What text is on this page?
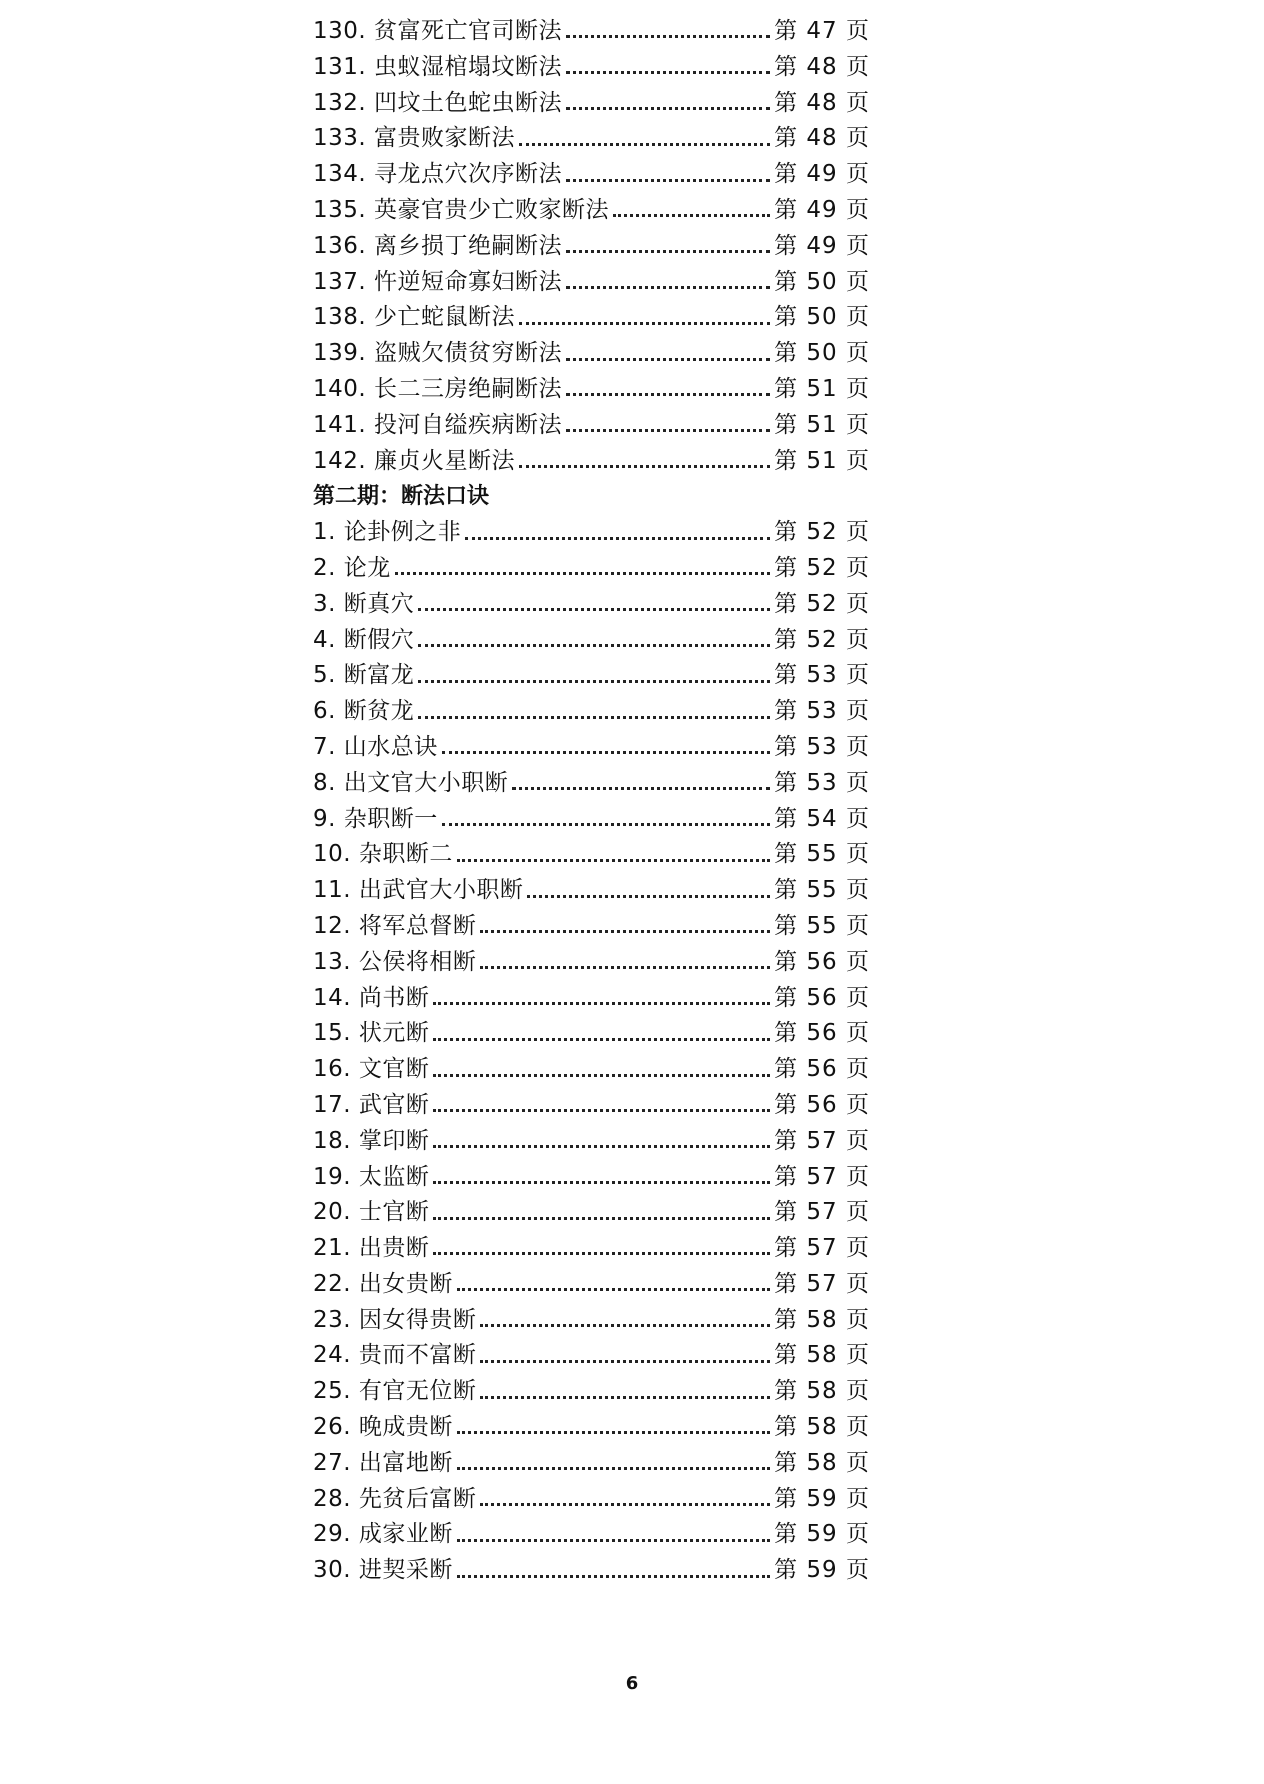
130. 贫富死亡官司断法	第 47 页
131. 虫蚁湿棺塌坟断法	第 48 页
132. 凹坟土色蛇虫断法	第 48 页
133. 富贵败家断法	第 48 页
134. 寻龙点穴次序断法	第 49 页
135. 英豪官贵少亡败家断法	第 49 页
136. 离乡损丁绝嗣断法	第 49 页
137. 忤逆短命寡妇断法	第 50 页
138. 少亡蛇鼠断法	第 50 页
139. 盗贼欠债贫穷断法	第 50 页
140. 长二三房绝嗣断法	第 51 页
141. 投河自缢疾病断法	第 51 页
142. 廉贞火星断法	第 51 页
第二期：断法口诀
1. 论卦例之非	第 52 页
2. 论龙	第 52 页
3. 断真穴	第 52 页
4. 断假穴	第 52 页
5. 断富龙	第 53 页
6. 断贫龙	第 53 页
7. 山水总诀	第 53 页
8. 出文官大小职断	第 53 页
9. 杂职断一	第 54 页
10. 杂职断二	第 55 页
11. 出武官大小职断	第 55 页
12. 将军总督断	第 55 页
13. 公侯将相断	第 56 页
14. 尚书断	第 56 页
15. 状元断	第 56 页
16. 文官断	第 56 页
17. 武官断	第 56 页
18. 掌印断	第 57 页
19. 太监断	第 57 页
20. 士官断	第 57 页
21. 出贵断	第 57 页
22. 出女贵断	第 57 页
23. 因女得贵断	第 58 页
24. 贵而不富断	第 58 页
25. 有官无位断	第 58 页
26. 晚成贵断	第 58 页
27. 出富地断	第 58 页
28. 先贫后富断	第 59 页
29. 成家业断	第 59 页
30. 进契采断	第 59 页
6
